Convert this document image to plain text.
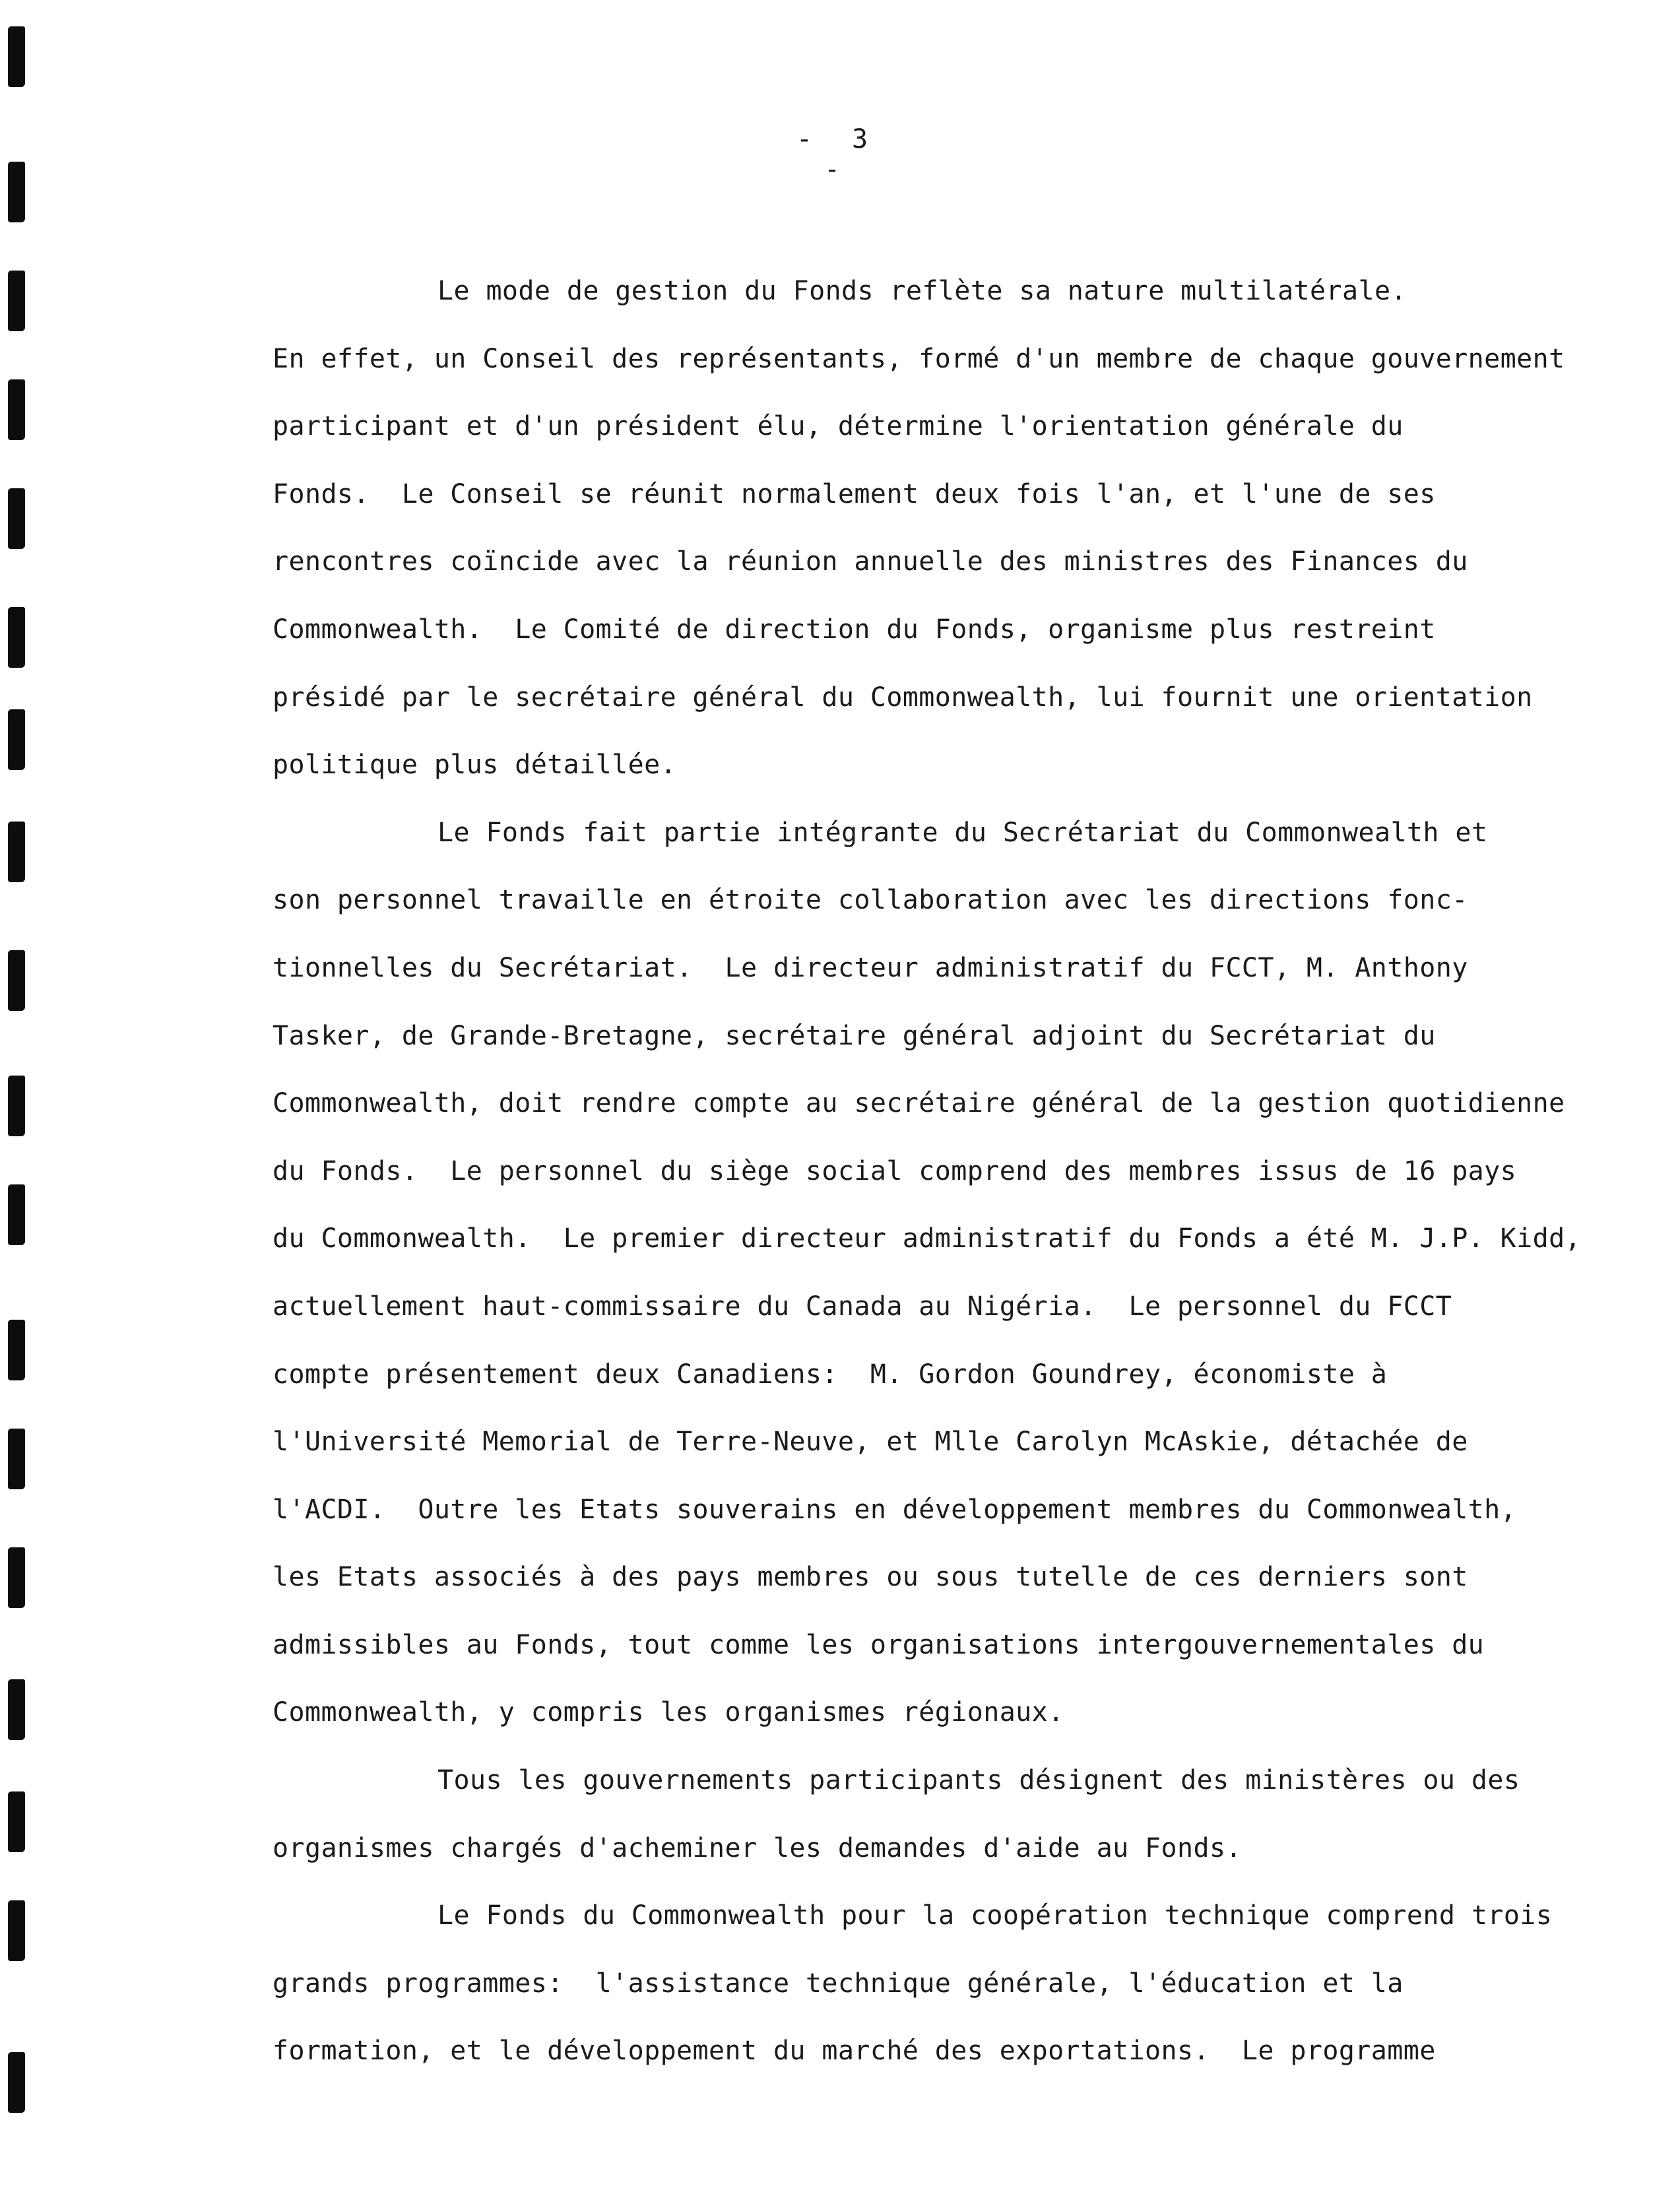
- 3 -
Le mode de gestion du Fonds reflète sa nature multilatérale.
En effet, un Conseil des représentants, formé d'un membre de chaque gouvernement
participant et d'un président élu, détermine l'orientation générale du
Fonds.  Le Conseil se réunit normalement deux fois l'an, et l'une de ses
rencontres coïncide avec la réunion annuelle des ministres des Finances du
Commonwealth.  Le Comité de direction du Fonds, organisme plus restreint
présidé par le secrétaire général du Commonwealth, lui fournit une orientation
politique plus détaillée.
Le Fonds fait partie intégrante du Secrétariat du Commonwealth et
son personnel travaille en étroite collaboration avec les directions fonc-
tionnelles du Secrétariat.  Le directeur administratif du FCCT, M. Anthony
Tasker, de Grande-Bretagne, secrétaire général adjoint du Secrétariat du
Commonwealth, doit rendre compte au secrétaire général de la gestion quotidienne
du Fonds.  Le personnel du siège social comprend des membres issus de 16 pays
du Commonwealth.  Le premier directeur administratif du Fonds a été M. J.P. Kidd,
actuellement haut-commissaire du Canada au Nigéria.  Le personnel du FCCT
compte présentement deux Canadiens:  M. Gordon Goundrey, économiste à
l'Université Memorial de Terre-Neuve, et Mlle Carolyn McAskie, détachée de
l'ACDI.  Outre les Etats souverains en développement membres du Commonwealth,
les Etats associés à des pays membres ou sous tutelle de ces derniers sont
admissibles au Fonds, tout comme les organisations intergouvernementales du
Commonwealth, y compris les organismes régionaux.
Tous les gouvernements participants désignent des ministères ou des
organismes chargés d'acheminer les demandes d'aide au Fonds.
Le Fonds du Commonwealth pour la coopération technique comprend trois
grands programmes:  l'assistance technique générale, l'éducation et la
formation, et le développement du marché des exportations.  Le programme
